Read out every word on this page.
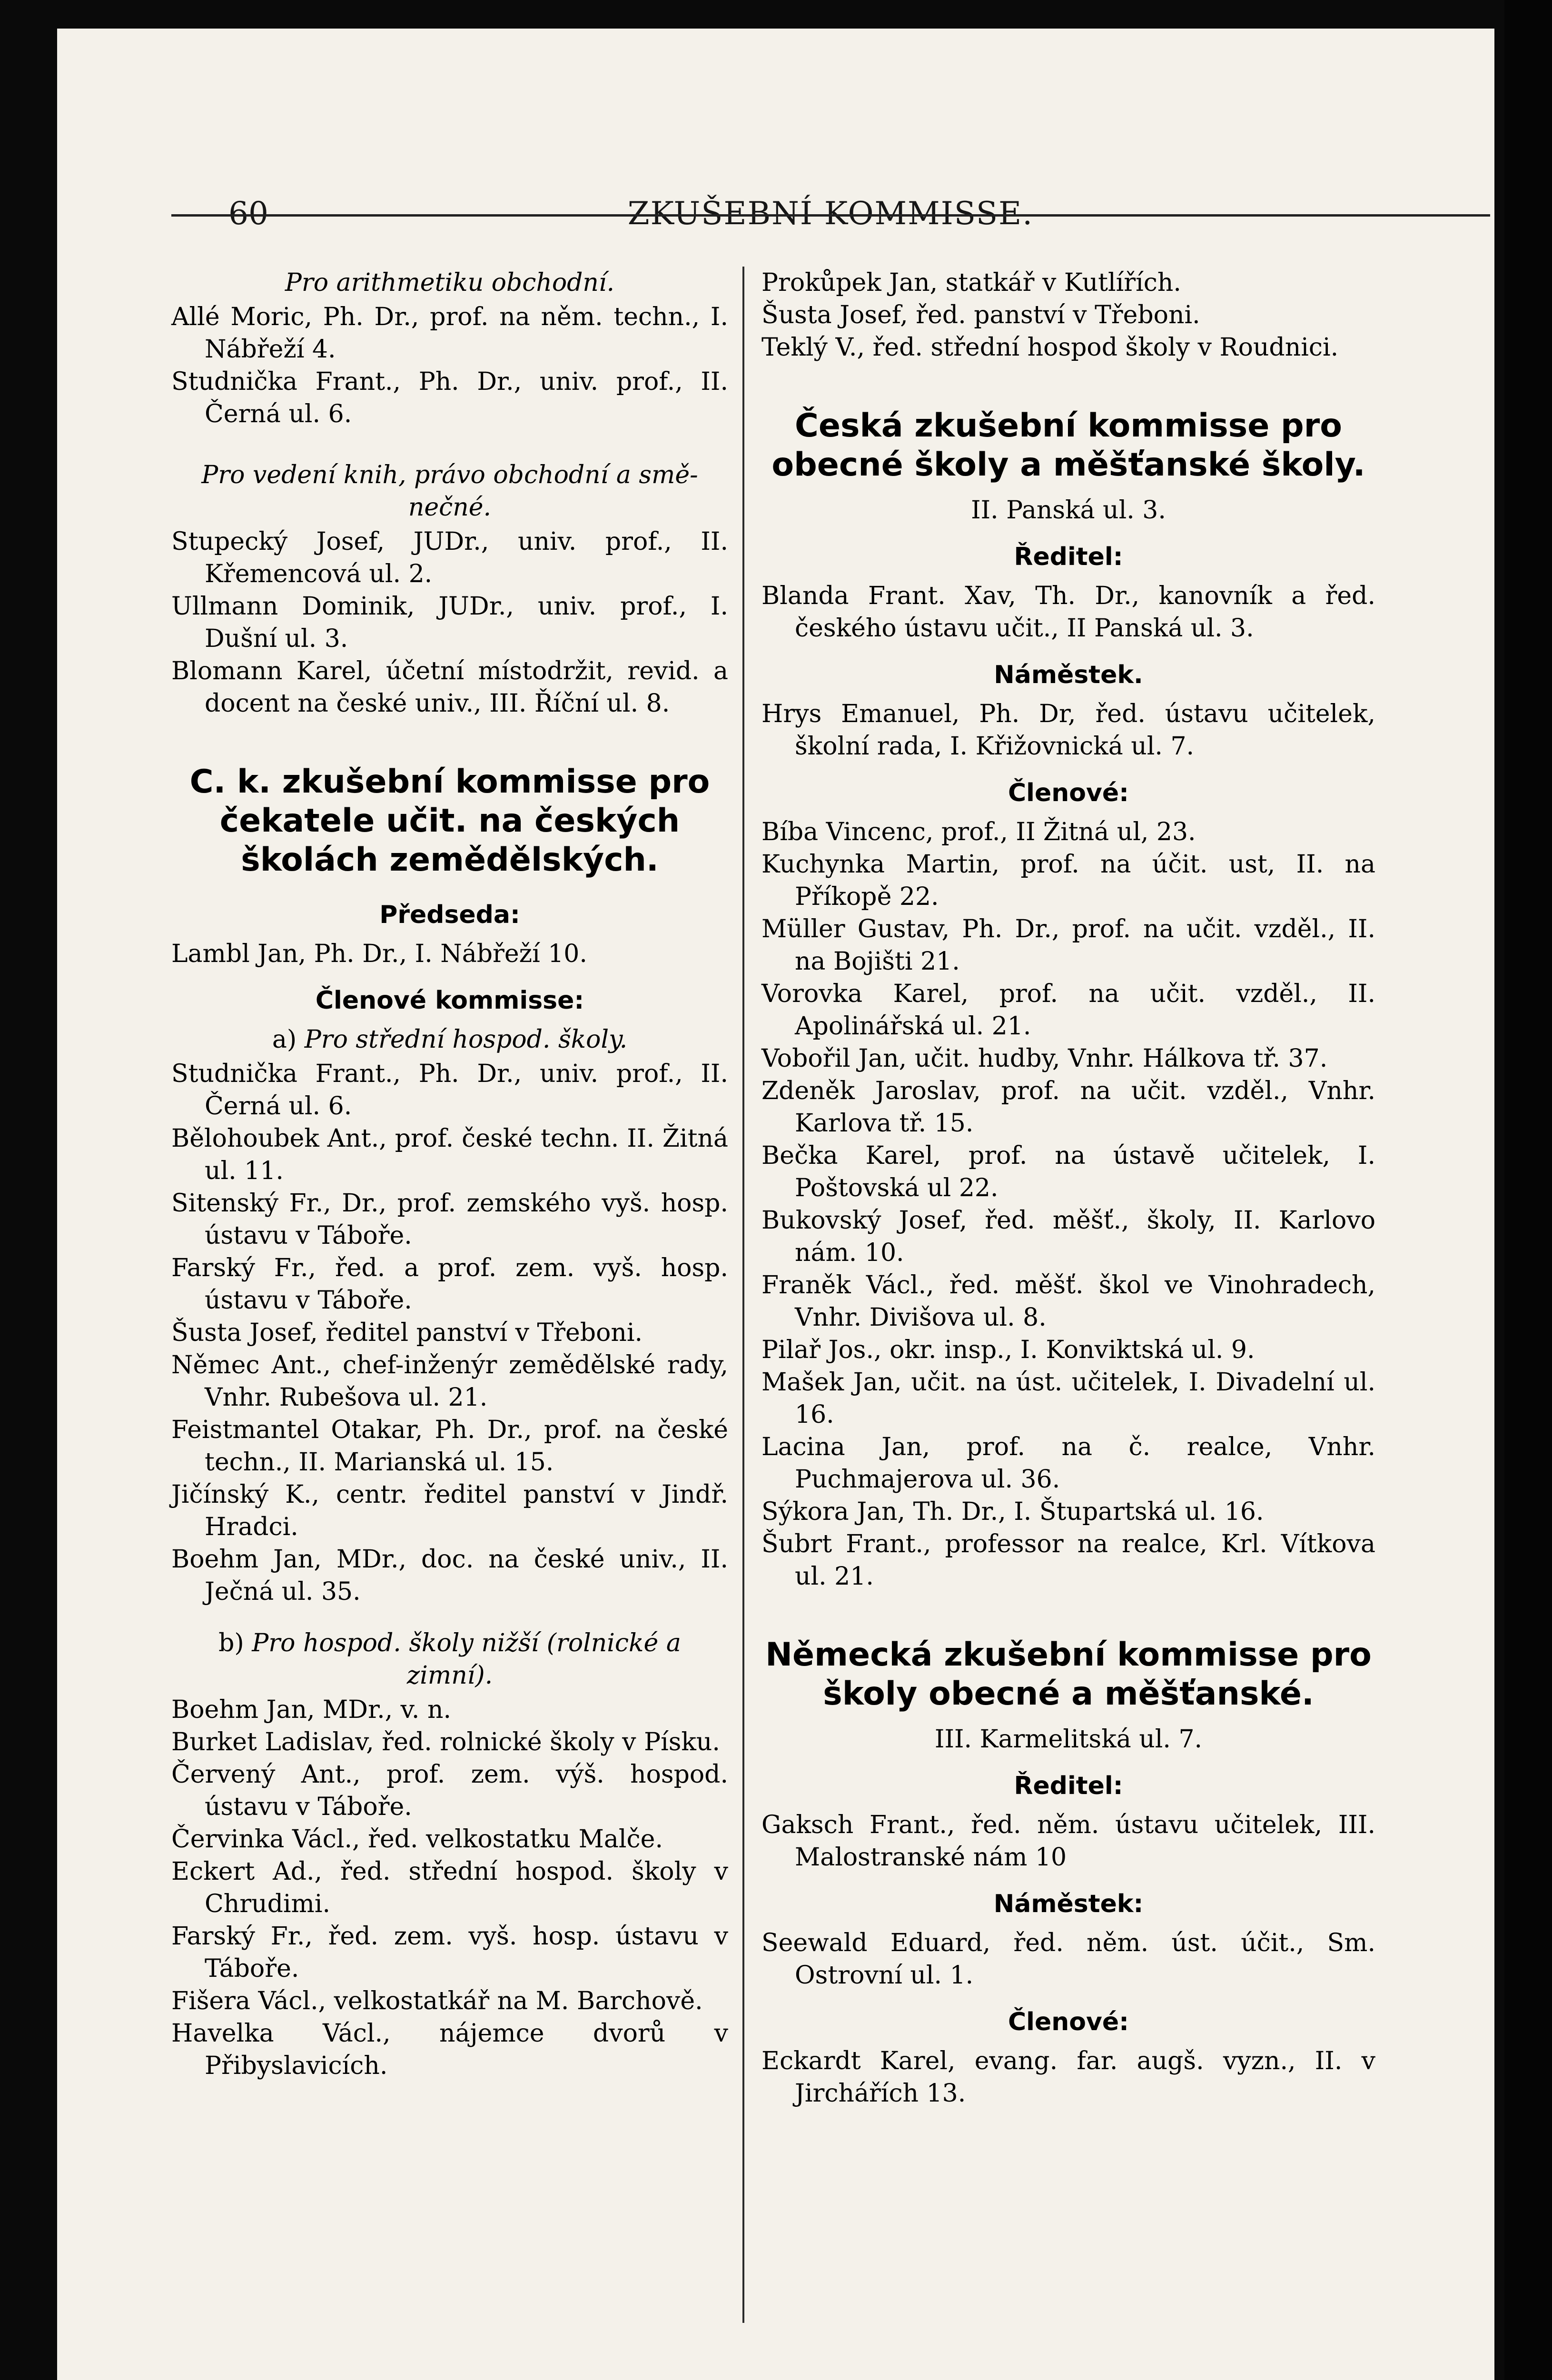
60	ZKUŠEBNÍ KOMMISSE.

Pro arithmetiku obchodní.

Allé Moric, Ph. Dr., prof. na něm. techn., I. Nábřeží 4.

Studnička Frant., Ph. Dr., univ. prof., II. Černá ul. 6.

Pro vedení knih, právo obchodní a smě-
nečné.

Stupecký Josef, JUDr., univ. prof., II. Křemencová ul. 2.

Ullmann Dominik, JUDr., univ. prof., I. Dušní ul. 3.

Blomann Karel, účetní místodržit, revid. a docent na české univ., III. Říční ul. 8.

C. k. zkušební kommisse pro čekatele učit. na českých školách zemědělských.

Předseda:

Lambl Jan, Ph. Dr., I. Nábřeží 10.

Členové kommisse:

a) Pro střední hospod. školy.

Studnička Frant., Ph. Dr., univ. prof., II. Černá ul. 6.

Bělohoubek Ant., prof. české techn. II. Žitná ul. 11.

Sitenský Fr., Dr., prof. zemského vyš. hosp. ústavu v Táboře.

Farský Fr., řed. a prof. zem. vyš. hosp. ústavu v Táboře.

Šusta Josef, ředitel panství v Třeboni.

Němec Ant., chef-inženýr zemědělské rady, Vnhr. Rubešova ul. 21.

Feistmantel Otakar, Ph. Dr., prof. na české techn., II. Marianská ul. 15.

Jičínský K., centr. ředitel panství v Jindř. Hradci.

Boehm Jan, MDr., doc. na české univ., II. Ječná ul. 35.

b) Pro hospod. školy nižší (rolnické a
zimní).

Boehm Jan, MDr., v. n.

Burket Ladislav, řed. rolnické školy v Písku.

Červený Ant., prof. zem. výš. hospod. ústavu v Táboře.

Červinka Václ., řed. velkostatku Malče.

Eckert Ad., řed. střední hospod. školy v Chrudimi.

Farský Fr., řed. zem. vyš. hosp. ústavu v Táboře.

Fišera Václ., velkostatkář na M. Barchově.

Havelka Václ., nájemce dvorů v Přibyslavicích.

Prokůpek Jan, statkář v Kutlířích.

Šusta Josef, řed. panství v Třeboni.

Teklý V., řed. střední hospod školy v Roudnici.

Česká zkušební kommisse pro obecné školy a měšťanské školy.

II. Panská ul. 3.

Ředitel:

Blanda Frant. Xav, Th. Dr., kanovník a řed. českého ústavu učit., II Panská ul. 3.

Náměstek.

Hrys Emanuel, Ph. Dr, řed. ústavu učitelek, školní rada, I. Křižovnická ul. 7.

Členové:

Bíba Vincenc, prof., II Žitná ul, 23.

Kuchynka Martin, prof. na účit. ust, II. na Příkopě 22.

Müller Gustav, Ph. Dr., prof. na učit. vzděl., II. na Bojišti 21.

Vorovka Karel, prof. na učit. vzděl., II. Apolinářská ul. 21.

Vobořil Jan, učit. hudby, Vnhr. Hálkova tř. 37.

Zdeněk Jaroslav, prof. na učit. vzděl., Vnhr. Karlova tř. 15.

Bečka Karel, prof. na ústavě učitelek, I. Poštovská ul 22.

Bukovský Josef, řed. měšť., školy, II. Karlovo nám. 10.

Franěk Václ., řed. měšť. škol ve Vinohradech, Vnhr. Divišova ul. 8.

Pilař Jos., okr. insp., I. Konviktská ul. 9.

Mašek Jan, učit. na úst. učitelek, I. Divadelní ul. 16.

Lacina Jan, prof. na č. realce, Vnhr. Puchmajerova ul. 36.

Sýkora Jan, Th. Dr., I. Štupartská ul. 16.

Šubrt Frant., professor na realce, Krl. Vítkova ul. 21.

Německá zkušební kommisse pro školy obecné a měšťanské.

III. Karmelitská ul. 7.

Ředitel:

Gaksch Frant., řed. něm. ústavu učitelek, III. Malostranské nám 10

Náměstek:

Seewald Eduard, řed. něm. úst. účit., Sm. Ostrovní ul. 1.

Členové:

Eckardt Karel, evang. far. augš. vyzn., II. v Jirchářích 13.
